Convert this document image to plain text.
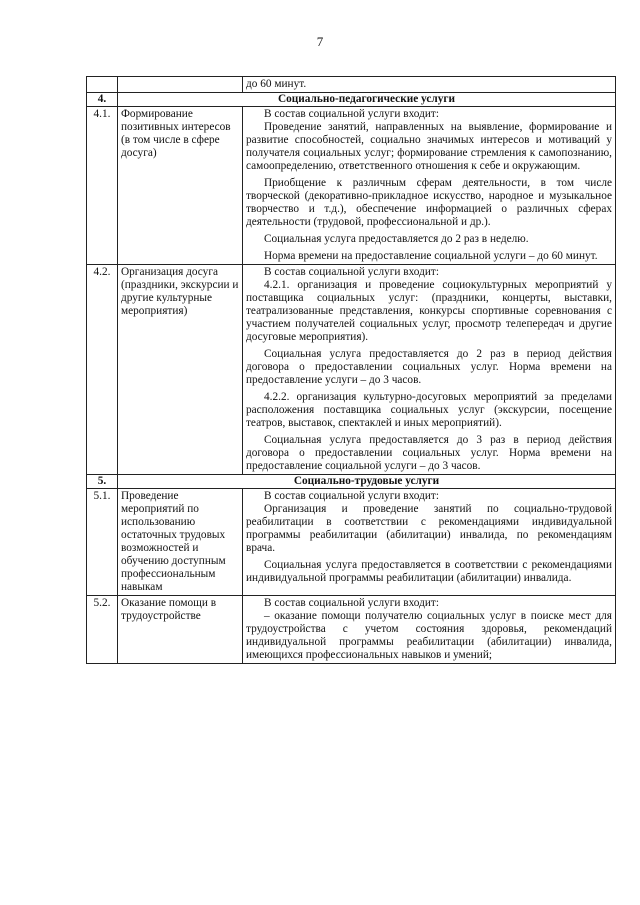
7

		до 60 минут.

4.	Социально-педагогические услуги	
4.1.	Формирование позитивных интересов (в том числе в сфере досуга)	В состав социальной услуги входит:

Проведение занятий, направленных на выявление, формирование и развитие способностей, социально значимых интересов и мотиваций у получателя социальных услуг; формирование стремления к самопознанию, самоопределению, ответственного отношения к себе и окружающим.

Приобщение к различным сферам деятельности, в том числе творческой (декоративно-прикладное искусство, народное и музыкальное творчество и т.д.), обеспечение информацией о различных сферах деятельности (трудовой, профессиональной и др.).

Социальная услуга предоставляется до 2 раз в неделю.

Норма времени на предоставление социальной услуги – до 60 минут.

4.2.	Организация досуга (праздники, экскурсии и другие культурные мероприятия)	В состав социальной услуги входит:

4.2.1. организация и проведение социокультурных мероприятий у поставщика социальных услуг: (праздники, концерты, выставки, театрализованные представления, конкурсы спортивные соревнования с участием получателей социальных услуг, просмотр телепередач и другие досуговые мероприятия).

Социальная услуга предоставляется до 2 раз в период действия договора о предоставлении социальных услуг. Норма времени на предоставление услуги – до 3 часов.

4.2.2. организация культурно-досуговых мероприятий за пределами расположения поставщика социальных услуг (экскурсии, посещение театров, выставок, спектаклей и иных мероприятий).

Социальная услуга предоставляется до 3 раз в период действия договора о предоставлении социальных услуг. Норма времени на предоставление социальной услуги – до 3 часов.

5.	Социально-трудовые услуги	
5.1.	Проведение мероприятий по использованию остаточных трудовых возможностей и обучению доступным профессиональным навыкам	В состав социальной услуги входит:

Организация и проведение занятий по социально-трудовой реабилитации в соответствии с рекомендациями индивидуальной программы реабилитации (абилитации) инвалида, по рекомендациям врача.

Социальная услуга предоставляется в соответствии с рекомендациями индивидуальной программы реабилитации (абилитации) инвалида.

5.2.	Оказание помощи в трудоустройстве	В состав социальной услуги входит:

– оказание помощи получателю социальных услуг в поиске мест для трудоустройства с учетом состояния здоровья, рекомендаций индивидуальной программы реабилитации (абилитации) инвалида, имеющихся профессиональных навыков и умений;
